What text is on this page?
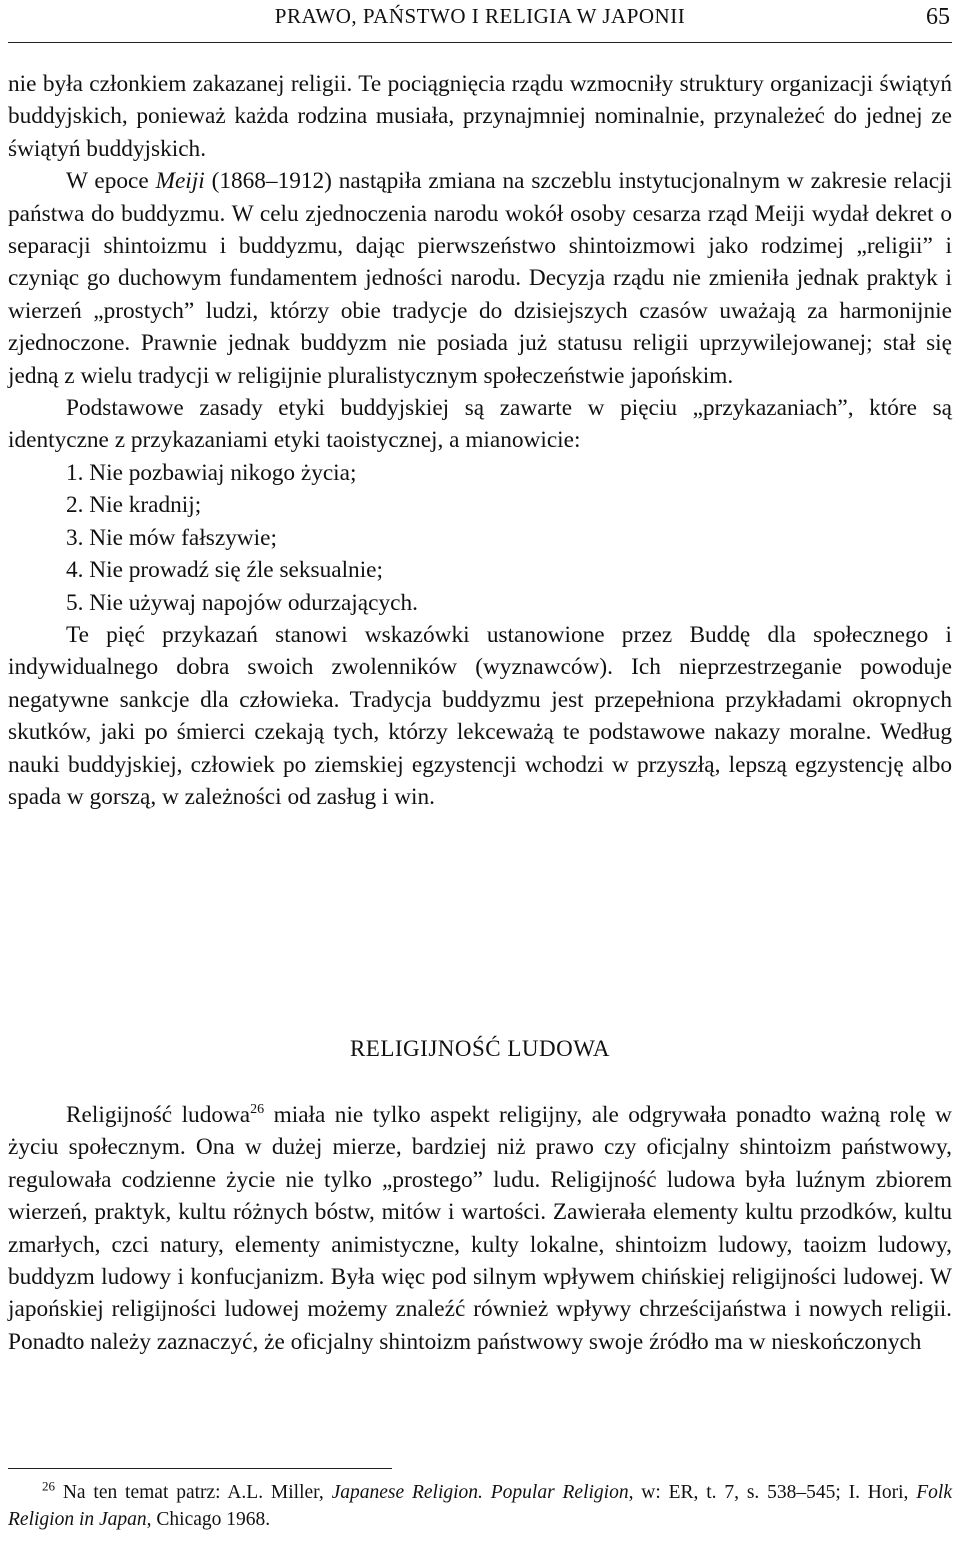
PRAWO, PAŃSTWO I RELIGIA W JAPONII	65

nie była członkiem zakazanej religii. Te pociągnięcia rządu wzmocniły struktury organizacji świątyń buddyjskich, ponieważ każda rodzina musiała, przynajmniej nominalnie, przynależeć do jednej ze świątyń buddyjskich.

W epoce Meiji (1868–1912) nastąpiła zmiana na szczeblu instytucjonalnym w zakresie relacji państwa do buddyzmu. W celu zjednoczenia narodu wokół osoby cesarza rząd Meiji wydał dekret o separacji shintoizmu i buddyzmu, dając pierwszeństwo shintoizmowi jako rodzimej „religii” i czyniąc go duchowym fundamentem jedności narodu. Decyzja rządu nie zmieniła jednak praktyk i wierzeń „prostych” ludzi, którzy obie tradycje do dzisiejszych czasów uważają za harmonijnie zjednoczone. Prawnie jednak buddyzm nie posiada już statusu religii uprzywilejowanej; stał się jedną z wielu tradycji w religijnie pluralistycznym społeczeństwie japońskim.

Podstawowe zasady etyki buddyjskiej są zawarte w pięciu „przykazaniach”, które są identyczne z przykazaniami etyki taoistycznej, a mianowicie:

1. Nie pozbawiaj nikogo życia;

2. Nie kradnij;

3. Nie mów fałszywie;

4. Nie prowadź się źle seksualnie;

5. Nie używaj napojów odurzających.

Te pięć przykazań stanowi wskazówki ustanowione przez Buddę dla społecznego i indywidualnego dobra swoich zwolenników (wyznawców). Ich nieprzestrzeganie powoduje negatywne sankcje dla człowieka. Tradycja buddyzmu jest przepełniona przykładami okropnych skutków, jaki po śmierci czekają tych, którzy lekceważą te podstawowe nakazy moralne. Według nauki buddyjskiej, człowiek po ziemskiej egzystencji wchodzi w przyszłą, lepszą egzystencję albo spada w gorszą, w zależności od zasług i win.

RELIGIJNOŚĆ LUDOWA

Religijność ludowa$^{26}$ miała nie tylko aspekt religijny, ale odgrywała ponadto ważną rolę w życiu społecznym. Ona w dużej mierze, bardziej niż prawo czy oficjalny shintoizm państwowy, regulowała codzienne życie nie tylko „prostego” ludu. Religijność ludowa była luźnym zbiorem wierzeń, praktyk, kultu różnych bóstw, mitów i wartości. Zawierała elementy kultu przodków, kultu zmarłych, czci natury, elementy animistyczne, kulty lokalne, shintoizm ludowy, taoizm ludowy, buddyzm ludowy i konfucjanizm. Była więc pod silnym wpływem chińskiej religijności ludowej. W japońskiej religijności ludowej możemy znaleźć również wpływy chrześcijaństwa i nowych religii. Ponadto należy zaznaczyć, że oficjalny shintoizm państwowy swoje źródło ma w nieskończonych

$^{26}$ Na ten temat patrz: A.L. Miller, Japanese Religion. Popular Religion, w: ER, t. 7, s. 538–545; I. Hori, Folk Religion in Japan, Chicago 1968.
